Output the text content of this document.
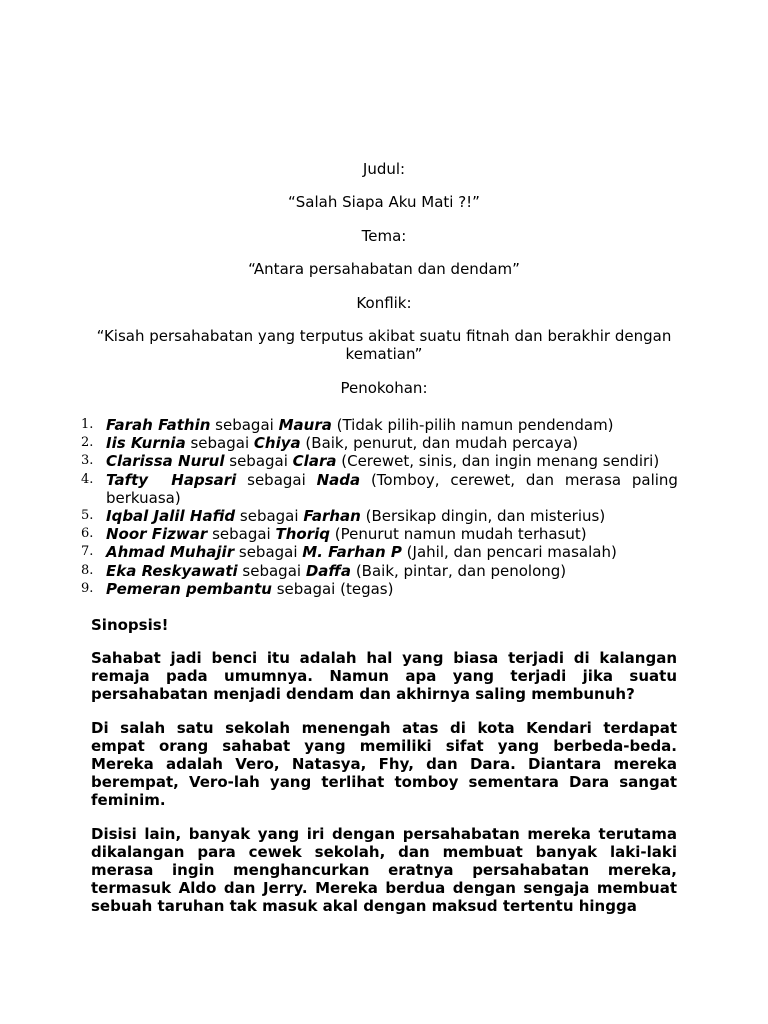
Judul:
“Salah Siapa Aku Mati ?!”
Tema:
“Antara persahabatan dan dendam”
Konflik:
“Kisah persahabatan yang terputus akibat suatu fitnah dan berakhir dengan kematian”
Penokohan:
1. Farah Fathin sebagai Maura (Tidak pilih-pilih namun pendendam)
2. Iis Kurnia sebagai Chiya (Baik, penurut, dan mudah percaya)
3. Clarissa Nurul sebagai Clara (Cerewet, sinis, dan ingin menang sendiri)
4. Tafty Hapsari sebagai Nada (Tomboy, cerewet, dan merasa paling berkuasa)
5. Iqbal Jalil Hafid sebagai Farhan (Bersikap dingin, dan misterius)
6. Noor Fizwar sebagai Thoriq (Penurut namun mudah terhasut)
7. Ahmad Muhajir sebagai M. Farhan P (Jahil, dan pencari masalah)
8. Eka Reskyawati sebagai Daffa (Baik, pintar, dan penolong)
9. Pemeran pembantu sebagai (tegas)
Sinopsis!

Sahabat jadi benci itu adalah hal yang biasa terjadi di kalangan remaja pada umumnya. Namun apa yang terjadi jika suatu persahabatan menjadi dendam dan akhirnya saling membunuh?

Di salah satu sekolah menengah atas di kota Kendari terdapat empat orang sahabat yang memiliki sifat yang berbeda-beda. Mereka adalah Vero, Natasya, Fhy, dan Dara. Diantara mereka berempat, Vero-lah yang terlihat tomboy sementara Dara sangat feminim.

Disisi lain, banyak yang iri dengan persahabatan mereka terutama dikalangan para cewek sekolah, dan membuat banyak laki-laki merasa ingin menghancurkan eratnya persahabatan mereka, termasuk Aldo dan Jerry. Mereka berdua dengan sengaja membuat sebuah taruhan tak masuk akal dengan maksud tertentu hingga
